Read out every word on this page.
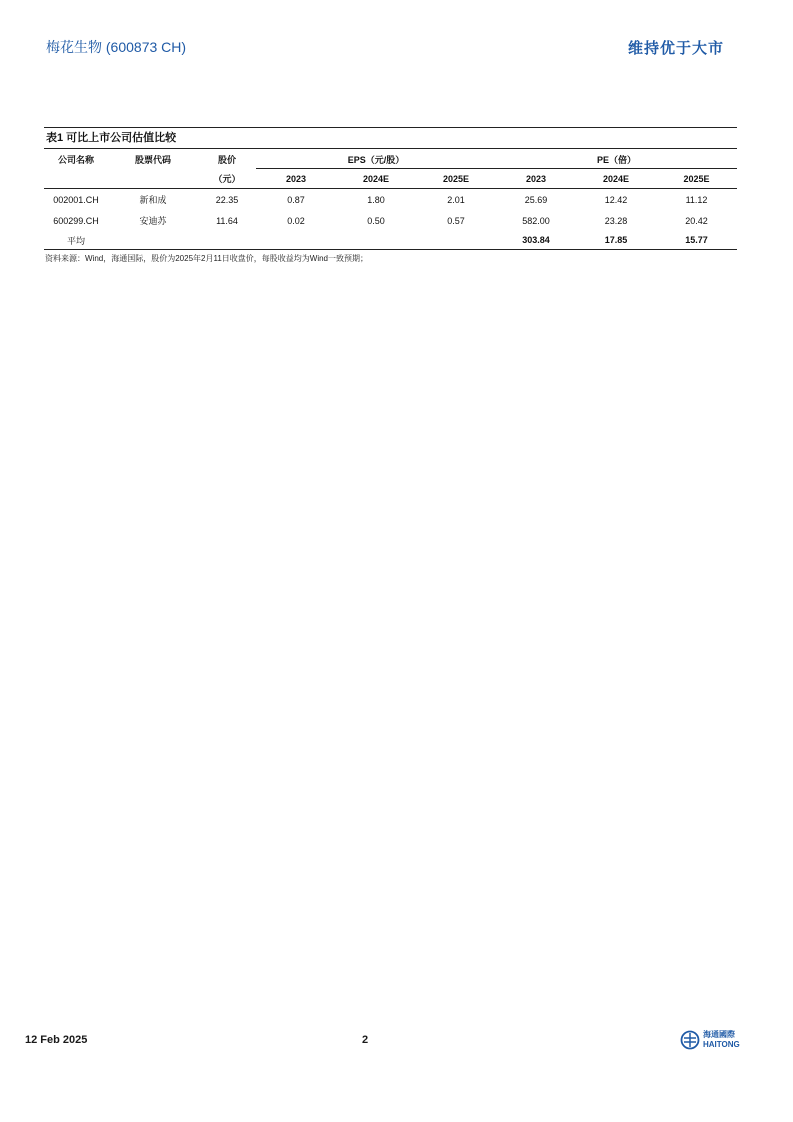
梅花生物 (600873 CH)	维持优于大市
表1 可比上市公司估值比较
公司名称	股票代码	股价	EPS（元/股）			PE（倍）		
		（元）	2023	2024E	2025E	2023	2024E	2025E
002001.CH	新和成	22.35	0.87	1.80	2.01	25.69	12.42	11.12
600299.CH	安迪苏	11.64	0.02	0.50	0.57	582.00	23.28	20.42
平均						303.84	17.85	15.77
资料来源：Wind，海通国际，股价为2025年2月11日收盘价，每股收益均为Wind一致预期；
12 Feb 2025	2	海通國際
HAITONG
